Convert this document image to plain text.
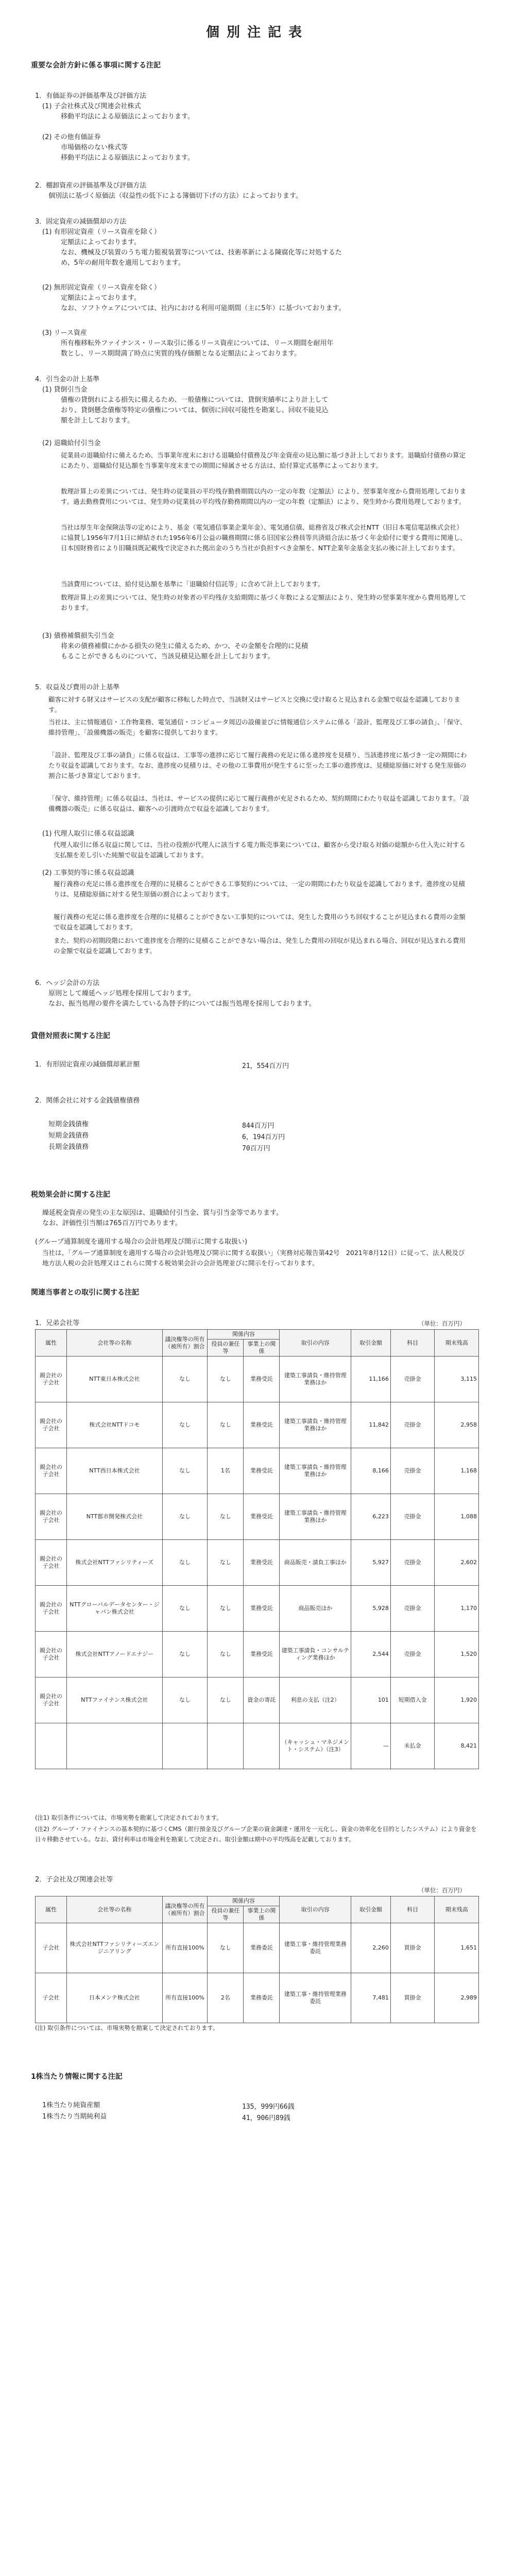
個別注記表
重要な会計方針に係る事項に関する注記
1．有価証券の評価基準及び評価方法
(1) 子会社株式及び関連会社株式
移動平均法による原価法によっております。
(2) その他有価証券
市場価格のない株式等
移動平均法による原価法によっております。
2．棚卸資産の評価基準及び評価方法
個別法に基づく原価法（収益性の低下による簿価切下げの方法）によっております。
3．固定資産の減価償却の方法
(1) 有形固定資産（リース資産を除く）
定額法によっております。
なお、機械及び装置のうち電力監視装置等については、技術革新による陳腐化等に対処するた
め、5年の耐用年数を適用しております。
(2) 無形固定資産（リース資産を除く）
定額法によっております。
なお、ソフトウェアについては、社内における利用可能期間（主に5年）に基づいております。
(3) リース資産
所有権移転外ファイナンス・リース取引に係るリース資産については、リース期間を耐用年
数とし、リース期間満了時点に実質的残存価額となる定額法によっております。
4．引当金の計上基準
(1) 貸倒引当金
債権の貸倒れによる損失に備えるため、一般債権については、貸倒実績率により計上して
おり、貸倒懸念債権等特定の債権については、個別に回収可能性を勘案し、回収不能見込
額を計上しております。
(2) 退職給付引当金
従業員の退職給付に備えるため、当事業年度末における退職給付債務及び年金資産の見込額に基づき計上しております。退職給付債務の算定にあたり、退職給付見込額を当事業年度末までの期間に帰属させる方法は、給付算定式基準によっております。
数理計算上の差異については、発生時の従業員の平均残存勤務期間以内の一定の年数（定額法）により、翌事業年度から費用処理しております。過去勤務費用については、発生時の従業員の平均残存勤務期間以内の一定の年数（定額法）により、発生時から費用処理しております。
当社は厚生年金保険法等の定めにより、基金（電気通信事業企業年金）、電気通信債、総務省及び株式会社NTT（旧日本電信電話株式会社）に協賛し1956年7月1日に締結された1956年6月公益の職務期間に係る旧国家公務員等共済組合法に基づく年金給付に要する費用に関連し、日本国財務省により旧職員既記載残で決定された拠出金のうち当社が負担すべき金額を、NTT企業年金基金支払の後に計上しております。
当該費用については、給付見込額を基準に「退職給付信託等」に含めて計上しております。
数理計算上の差異については、発生時の対象者の平均残存支給期間に基づく年数による定額法により、発生時の翌事業年度から費用処理しております。
(3) 債務補償損失引当金
将来の債務補償にかかる損失の発生に備えるため、かつ、その金額を合理的に見積
もることができるものについて、当該見積見込額を計上しております。
5．収益及び費用の計上基準
顧客に対する財又はサービスの支配が顧客に移転した時点で、当該財又はサービスと交換に受け取ると見込まれる金額で収益を認識しております。
当社は、主に情報通信・工作物業務、電気通信・コンピュータ周辺の設備並びに情報通信システムに係る「設計、監理及び工事の請負」、「保守、維持管理」、「設備機器の販売」を顧客に提供しております。
「設計、監理及び工事の請負」に係る収益は、工事等の進捗に応じて履行義務の充足に係る進捗度を見積り、当該進捗度に基づき一定の期間にわたり収益を認識しております。なお、進捗度の見積りは、その他の工事費用が発生するに至った工事の進捗度は、見積総原価に対する発生原価の割合に基づき算定しております。
「保守、維持管理」に係る収益は、当社は、サービスの提供に応じて履行義務が充足されるため、契約期間にわたり収益を認識しております。「設備機器の販売」に係る収益は、顧客への引渡時点で収益を認識しております。
(1) 代理人取引に係る収益認識
代理人取引に係る収益に関しては、当社の役割が代理人に該当する電力販売事業については、顧客から受け取る対価の総額から仕入先に対する支払額を差し引いた純額で収益を認識しております。
(2) 工事契約等に係る収益認識
履行義務の充足に係る進捗度を合理的に見積ることができる工事契約については、一定の期間にわたり収益を認識しております。進捗度の見積りは、見積総原価に対する発生原価の割合によっております。
履行義務の充足に係る進捗度を合理的に見積ることができない工事契約については、発生した費用のうち回収することが見込まれる費用の金額で収益を認識しております。
また、契約の初期段階において進捗度を合理的に見積ることができない場合は、発生した費用の回収が見込まれる場合、回収が見込まれる費用の金額で収益を認識しております。
6．ヘッジ会計の方法
原則として繰延ヘッジ処理を採用しております。
なお、振当処理の要件を満たしている為替予約については振当処理を採用しております。
貸借対照表に関する注記
1．有形固定資産の減価償却累計額	21，554百万円
2．関係会社に対する金銭債権債務
短期金銭債権	844百万円
短期金銭債務	6，194百万円
長期金銭債務	70百万円
税効果会計に関する注記
繰延税金資産の発生の主な原因は、退職給付引当金、賞与引当金等であります。
なお、評価性引当額は765百万円であります。
(グループ通算制度を適用する場合の会計処理及び開示に関する取扱い)
当社は、「グループ通算制度を適用する場合の会計処理及び開示に関する取扱い」（実務対応報告第42号　2021年8月12日）に従って、法人税及び地方法人税の会計処理又はこれらに関する税効果会計の会計処理並びに開示を行っております。
関連当事者との取引に関する注記
1．兄弟会社等	（単位：百万円）
属性	会社等の名称	議決権等の所有（被所有）割合	関係内容		取引の内容	取引金額	科目	期末残高
			役員の兼任等	事業上の関係				
親会社の子会社	NTT東日本株式会社	なし	なし	業務受託	建築工事請負・維持管理業務ほか	11,166	売掛金	3,115
親会社の子会社	株式会社NTTドコモ	なし	なし	業務受託	建築工事請負・維持管理業務ほか	11,842	売掛金	2,958
親会社の子会社	NTT西日本株式会社	なし	1名	業務受託	建築工事請負・維持管理業務ほか	8,166	売掛金	1,168
親会社の子会社	NTT都市開発株式会社	なし	なし	業務受託	建築工事請負・維持管理業務ほか	6,223	売掛金	1,088
親会社の子会社	株式会社NTTファシリティーズ	なし	なし	業務受託	商品販売・請負工事ほか	5,927	売掛金	2,602
親会社の子会社	NTTグローバルデータセンター・ジャパン株式会社	なし	なし	業務受託	商品販売ほか	5,928	売掛金	1,170
親会社の子会社	株式会社NTTアノードエナジー	なし	なし	業務受託	建築工事請負・コンサルティング業務ほか	2,544	売掛金	1,520
親会社の子会社	NTTファイナンス株式会社	なし	なし	資金の寄託	利息の支払（注2）	101	短期借入金	1,920
					（キャッシュ・マネジメント・システム）（注3）	—	未払金	8,421
(注1) 取引条件については、市場実勢を勘案して決定されております。
(注2) グループ・ファイナンスの基本契約に基づくCMS（銀行預金及びグループ企業の資金調達・運用を一元化し、資金の効率化を目的としたシステム）により資金を日々移動させている。なお、貸付利率は市場金利を勘案して決定され、取引金額は期中の平均残高を記載しております。
2．子会社及び関連会社等
（単位：百万円）
属性	会社等の名称	議決権等の所有（被所有）割合	関係内容		取引の内容	取引金額	科目	期末残高
			役員の兼任等	事業上の関係				
子会社	株式会社NTTファシリティーズエンジニアリング	所有直接100%	なし	業務委託	建築工事・維持管理業務委託	2,260	買掛金	1,651
子会社	日本メンテ株式会社	所有直接100%	2名	業務委託	建築工事・維持管理業務委託	7,481	買掛金	2,989
(注) 取引条件については、市場実勢を勘案して決定されております。
1株当たり情報に関する注記
1株当たり純資産額	135，999円66銭
1株当たり当期純利益	41，906円89銭
